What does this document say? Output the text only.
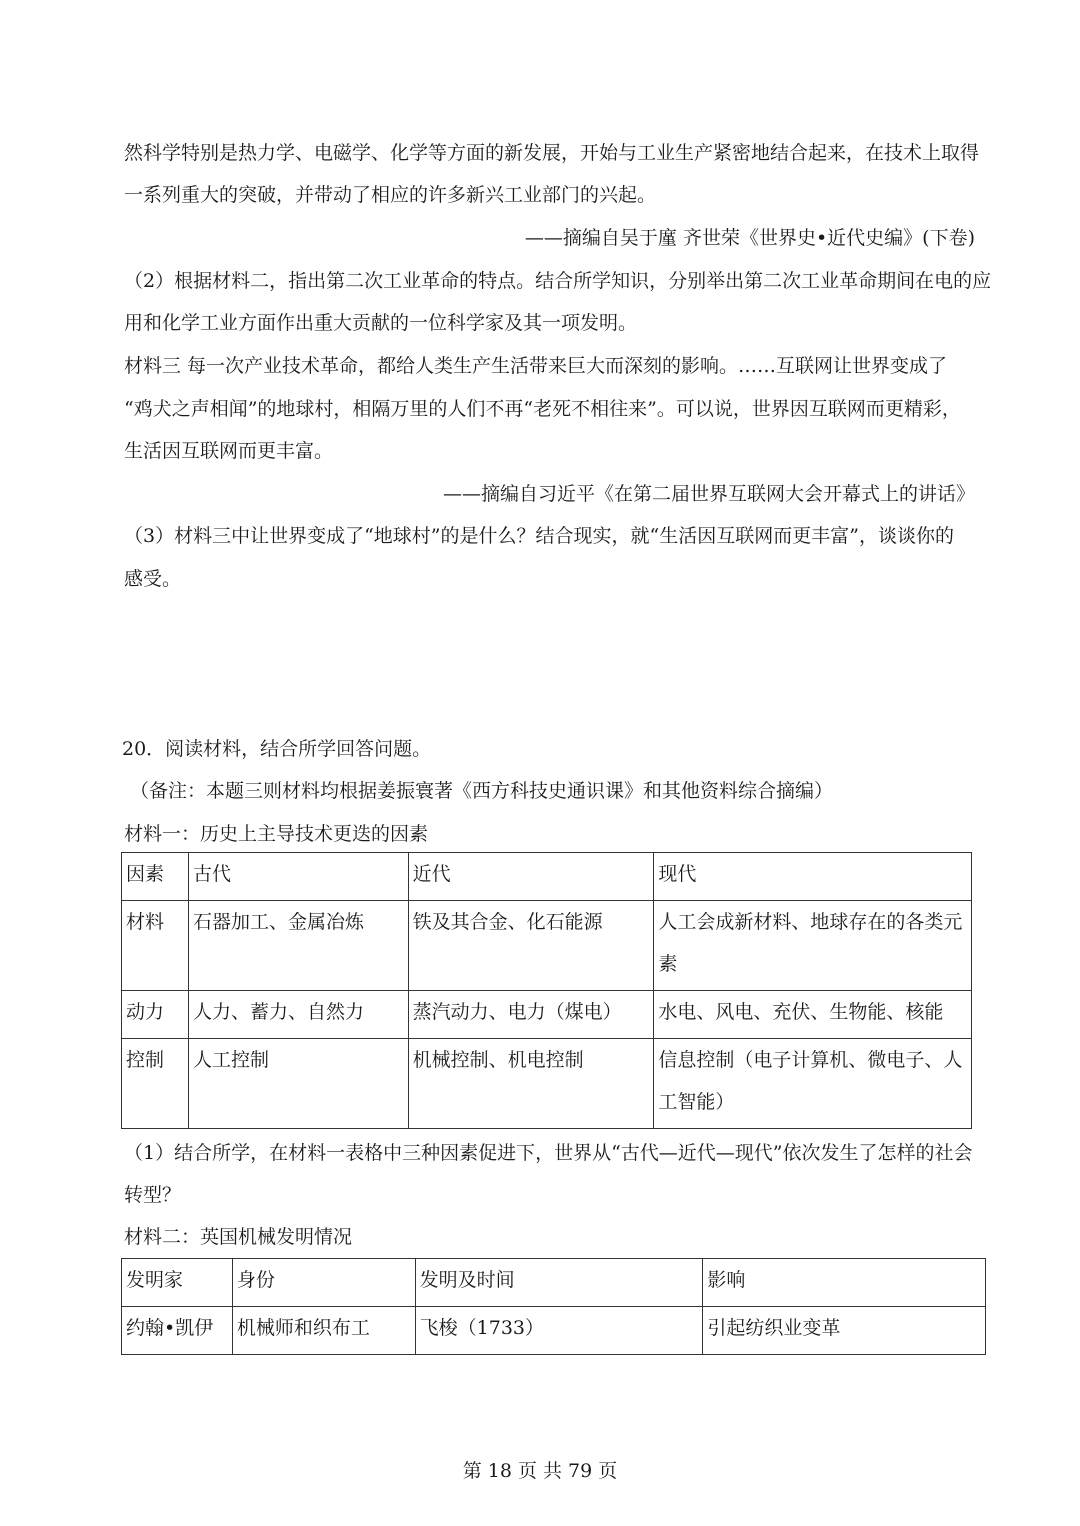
然科学特别是热力学、电磁学、化学等方面的新发展，开始与工业生产紧密地结合起来，在技术上取得
一系列重大的突破，并带动了相应的许多新兴工业部门的兴起。
——摘编自吴于廑 齐世荣《世界史•近代史编》(下卷)
（2）根据材料二，指出第二次工业革命的特点。结合所学知识，分别举出第二次工业革命期间在电的应
用和化学工业方面作出重大贡献的一位科学家及其一项发明。
材料三 每一次产业技术革命，都给人类生产生活带来巨大而深刻的影响。……互联网让世界变成了
“鸡犬之声相闻”的地球村，相隔万里的人们不再“老死不相往来”。可以说，世界因互联网而更精彩，
生活因互联网而更丰富。
——摘编自习近平《在第二届世界互联网大会开幕式上的讲话》
（3）材料三中让世界变成了“地球村”的是什么？结合现实，就“生活因互联网而更丰富”，谈谈你的
感受。
20．阅读材料，结合所学回答问题。
（备注：本题三则材料均根据姜振寰著《西方科技史通识课》和其他资料综合摘编）
材料一：历史上主导技术更迭的因素
因素	古代	近代	现代
材料	石器加工、金属冶炼	铁及其合金、化石能源	人工会成新材料、地球存在的各类元素
动力	人力、蓄力、自然力	蒸汽动力、电力（煤电）	水电、风电、充伏、生物能、核能
控制	人工控制	机械控制、机电控制	信息控制（电子计算机、微电子、人工智能）
（1）结合所学，在材料一表格中三种因素促进下，世界从“古代—近代—现代”依次发生了怎样的社会
转型？
材料二：英国机械发明情况
发明家	身份	发明及时间	影响
约翰•凯伊	机械师和织布工	飞梭（1733）	引起纺织业变革
第 18 页 共 79 页
